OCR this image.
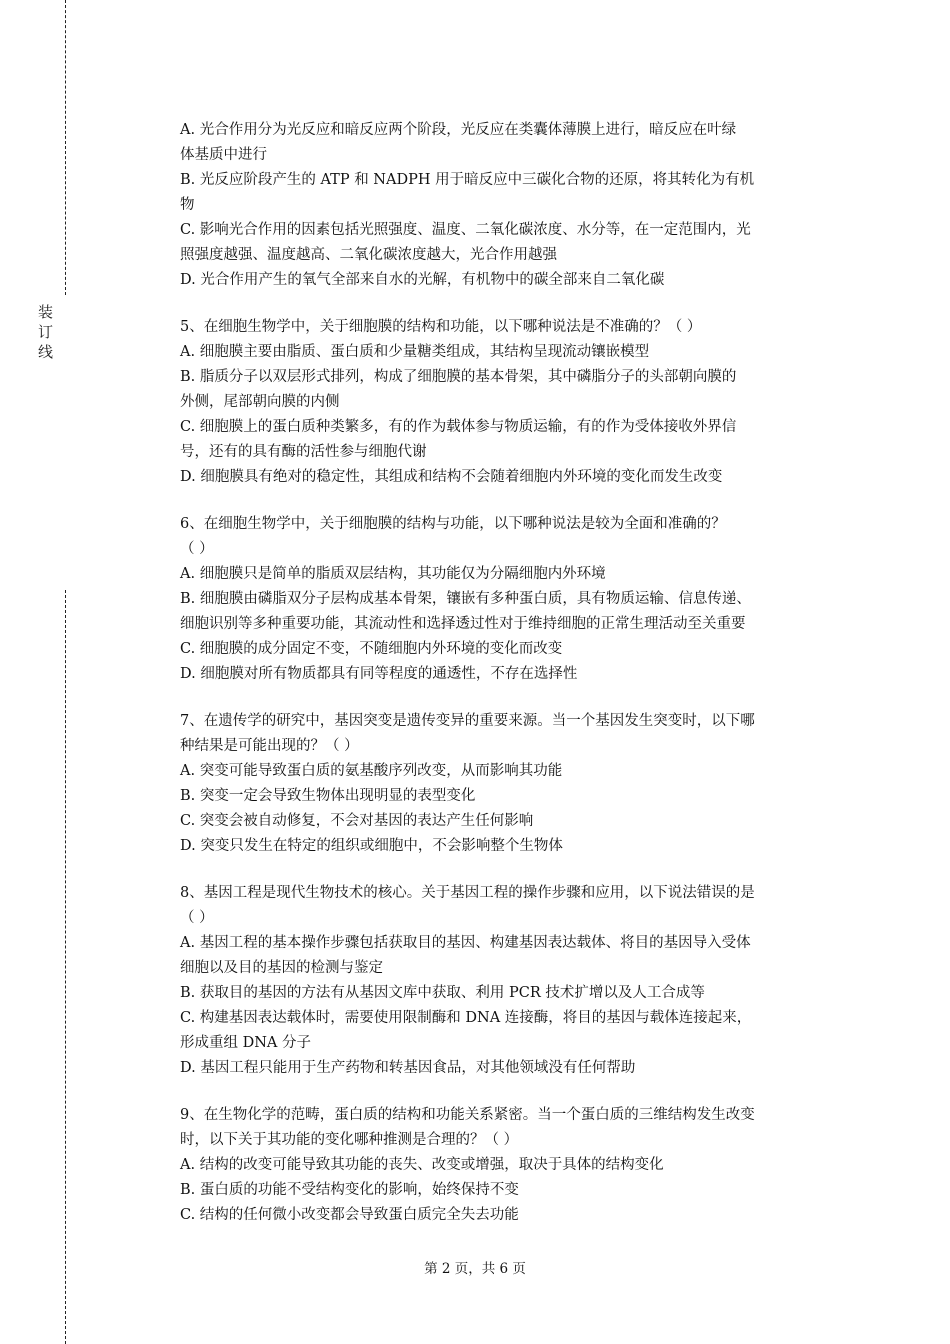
装订线
A. 光合作用分为光反应和暗反应两个阶段，光反应在类囊体薄膜上进行，暗反应在叶绿
体基质中进行
B. 光反应阶段产生的 ATP 和 NADPH 用于暗反应中三碳化合物的还原，将其转化为有机
物
C. 影响光合作用的因素包括光照强度、温度、二氧化碳浓度、水分等，在一定范围内，光
照强度越强、温度越高、二氧化碳浓度越大，光合作用越强
D. 光合作用产生的氧气全部来自水的光解，有机物中的碳全部来自二氧化碳
5、在细胞生物学中，关于细胞膜的结构和功能，以下哪种说法是不准确的？（ ）
A. 细胞膜主要由脂质、蛋白质和少量糖类组成，其结构呈现流动镶嵌模型
B. 脂质分子以双层形式排列，构成了细胞膜的基本骨架，其中磷脂分子的头部朝向膜的
外侧，尾部朝向膜的内侧
C. 细胞膜上的蛋白质种类繁多，有的作为载体参与物质运输，有的作为受体接收外界信
号，还有的具有酶的活性参与细胞代谢
D. 细胞膜具有绝对的稳定性，其组成和结构不会随着细胞内外环境的变化而发生改变
6、在细胞生物学中，关于细胞膜的结构与功能，以下哪种说法是较为全面和准确的？
（ ）
A. 细胞膜只是简单的脂质双层结构，其功能仅为分隔细胞内外环境
B. 细胞膜由磷脂双分子层构成基本骨架，镶嵌有多种蛋白质，具有物质运输、信息传递、
细胞识别等多种重要功能，其流动性和选择透过性对于维持细胞的正常生理活动至关重要
C. 细胞膜的成分固定不变，不随细胞内外环境的变化而改变
D. 细胞膜对所有物质都具有同等程度的通透性，不存在选择性
7、在遗传学的研究中，基因突变是遗传变异的重要来源。当一个基因发生突变时，以下哪
种结果是可能出现的？（ ）
A. 突变可能导致蛋白质的氨基酸序列改变，从而影响其功能
B. 突变一定会导致生物体出现明显的表型变化
C. 突变会被自动修复，不会对基因的表达产生任何影响
D. 突变只发生在特定的组织或细胞中，不会影响整个生物体
8、基因工程是现代生物技术的核心。关于基因工程的操作步骤和应用，以下说法错误的是
（ ）
A. 基因工程的基本操作步骤包括获取目的基因、构建基因表达载体、将目的基因导入受体
细胞以及目的基因的检测与鉴定
B. 获取目的基因的方法有从基因文库中获取、利用 PCR 技术扩增以及人工合成等
C. 构建基因表达载体时，需要使用限制酶和 DNA 连接酶，将目的基因与载体连接起来，
形成重组 DNA 分子
D. 基因工程只能用于生产药物和转基因食品，对其他领域没有任何帮助
9、在生物化学的范畴，蛋白质的结构和功能关系紧密。当一个蛋白质的三维结构发生改变
时，以下关于其功能的变化哪种推测是合理的？（ ）
A. 结构的改变可能导致其功能的丧失、改变或增强，取决于具体的结构变化
B. 蛋白质的功能不受结构变化的影响，始终保持不变
C. 结构的任何微小改变都会导致蛋白质完全失去功能
第 2 页，共 6 页
